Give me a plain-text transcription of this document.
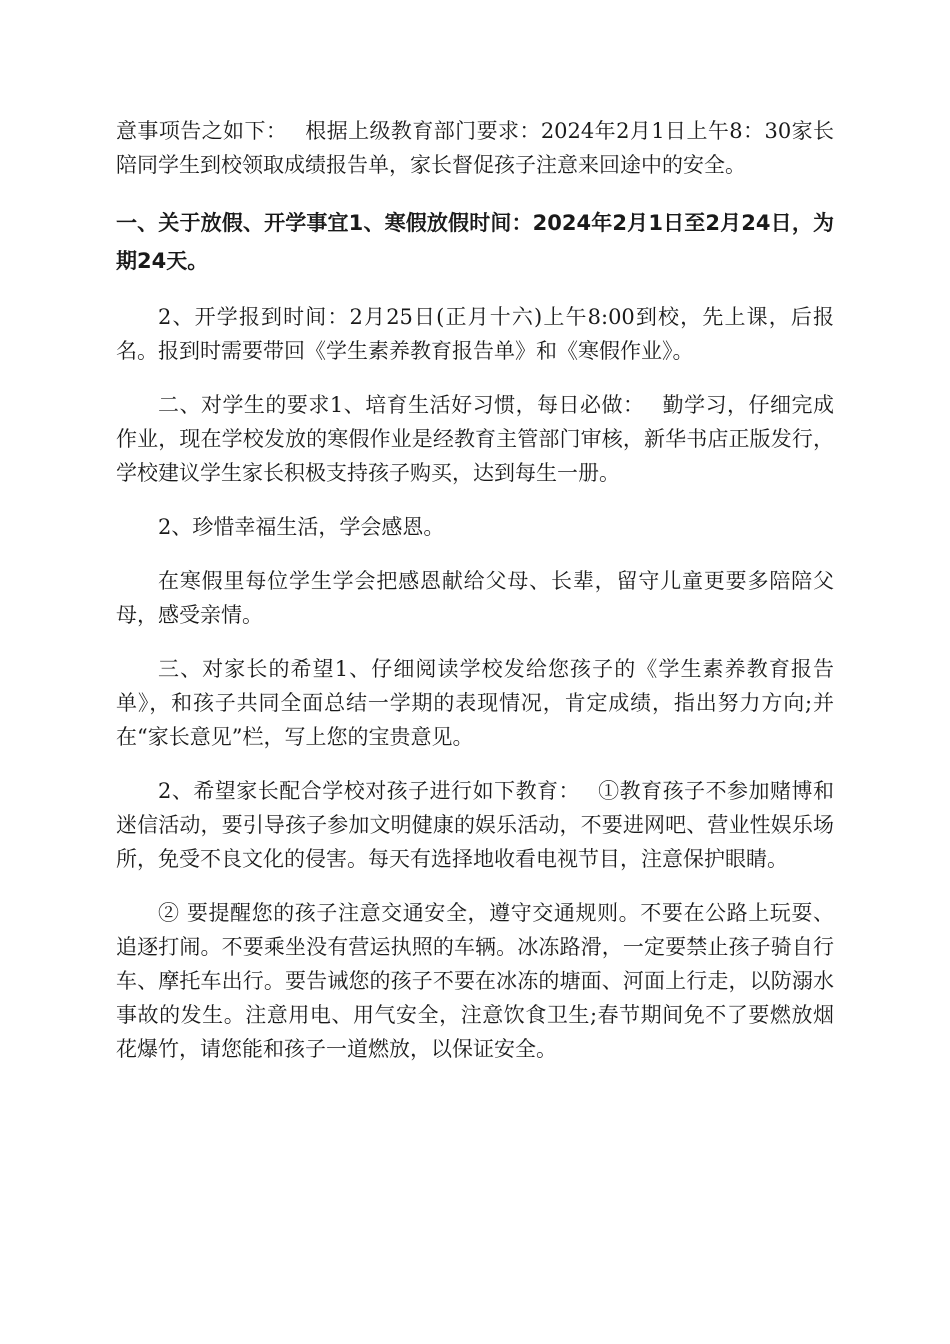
意事项告之如下：　 根据上级教育部门要求：2024年2月1日上午8：30家长陪同学生到校领取成绩报告单，家长督促孩子注意来回途中的安全。

一、关于放假、开学事宜1、寒假放假时间：2024年2月1日至2月24日，为期24天。

2、开学报到时间：2月25日(正月十六)上午8:00到校，先上课，后报名。报到时需要带回《学生素养教育报告单》和《寒假作业》。

二、对学生的要求1、培育生活好习惯，每日必做：　 勤学习，仔细完成作业，现在学校发放的寒假作业是经教育主管部门审核，新华书店正版发行，学校建议学生家长积极支持孩子购买，达到每生一册。

2、珍惜幸福生活，学会感恩。

在寒假里每位学生学会把感恩献给父母、长辈，留守儿童更要多陪陪父母，感受亲情。

三、对家长的希望1、仔细阅读学校发给您孩子的《学生素养教育报告单》，和孩子共同全面总结一学期的表现情况，肯定成绩，指出努力方向;并在“家长意见”栏，写上您的宝贵意见。

2、希望家长配合学校对孩子进行如下教育：　 ①教育孩子不参加赌博和迷信活动，要引导孩子参加文明健康的娱乐活动，不要进网吧、营业性娱乐场所，免受不良文化的侵害。每天有选择地收看电视节目，注意保护眼睛。

② 要提醒您的孩子注意交通安全，遵守交通规则。不要在公路上玩耍、追逐打闹。不要乘坐没有营运执照的车辆。冰冻路滑，一定要禁止孩子骑自行车、摩托车出行。要告诫您的孩子不要在冰冻的塘面、河面上行走，以防溺水事故的发生。注意用电、用气安全，注意饮食卫生;春节期间免不了要燃放烟花爆竹，请您能和孩子一道燃放，以保证安全。
